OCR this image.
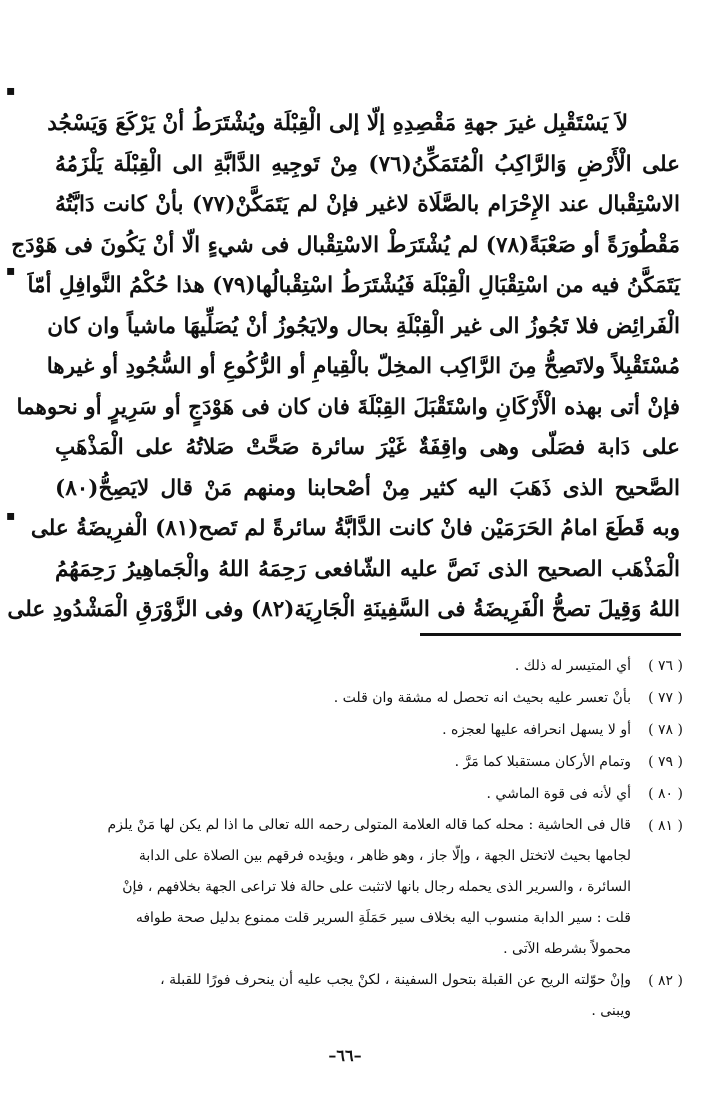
▪
▪
▪
لاَ يَسْتَقْبِل غيرَ جهةِ مَقْصِدِهِ إلّا إلى الْقِبْلَة ويُشْتَرَطُ أنْ يَرْكَعَ وَيَسْجُد
على الْأَرْضِ وَالرَّاكِبُ الْمُتَمَكِّنُ(٧٦) مِنْ تَوجِيهِ الدَّابَّةِ الى الْقِبْلَة يَلْزَمُهُ
الاسْتِقْبال عند الإِحْرَام بالصَّلَاة لاغير فإنْ لم يَتَمَكَّنْ(٧٧) بأنْ كانت دَابَّتُهُ
مَقْطُورَةً أو صَعْبَةً(٧٨) لم يُشْتَرَطْ الاسْتِقْبال فى شيءٍ الّا أنْ يَكُونَ فى هَوْدَج
يَتَمَكَّنُ فيه من اسْتِقْبَالِ الْقِبْلَة فَيُشْتَرَطُ اسْتِقْبالُها(٧٩) هذا حُكْمُ النَّوافِلِ أمّاَ
الْفَرائِض فلا تَجُوزُ الى غير الْقِبْلَةِ بحال ولايَجُوزُ أنْ يُصَلِّيهَا ماشياً وان كان
مُسْتَقْبِلاً ولاتَصِحُّ مِنَ الرَّاكِب المخِلّ بالْقِيامِ أو الرُّكُوعِ أو السُّجُودِ أو غيرها
فإنْ أتى بهذه الْأَرْكَانِ واسْتَقْبَلَ القِبْلَةَ فان كان فى هَوْدَجٍ أو سَرِيرٍ أو نحوهما
على دَابة فصَلّى وهى واقِفَةٌ غَيْرَ سائرة صَحَّتْ صَلاتُهُ على الْمَذْهَبِ
الصَّحيح الذى ذَهَبَ اليه كثير مِنْ أصْحابنا ومنهم مَنْ قال لايَصِحُّ(٨٠)
وبه قَطَعَ امامُ الحَرَمَيْن فانْ كانت الدَّابَّةُ سائرةً لم تَصح(٨١) الْفرِيضَةُ على
الْمَذْهَب الصحيح الذى نَصَّ عليه الشّافعى رَحِمَهُ اللهُ والْجَماهِيرُ رَحِمَهُمُ
اللهُ وَقِيلَ تصحُّ الْفَرِيضَةُ فى السَّفِينَةِ الْجَارِيَة(٨٢) وفى الزَّوْرَقِ الْمَشْدُودِ على
( ٧٦ )
أي المتيسر له ذلك .
( ٧٧ )
بأنْ تعسر عليه بحيث انه تحصل له مشقة وان قلت .
( ٧٨ )
أو لا يسهل انحرافه عليها لعجزه .
( ٧٩ )
وتمام الأركان مستقبلا كما مَرَّ .
( ٨٠ )
أي لأنه فى قوة الماشي .
( ٨١ )
قال فى الحاشية : محله كما قاله العلامة المتولى رحمه الله تعالى ما اذا لم يكن لها مَنْ يلزم
لجامها بحيث لاتختل الجهة ، وإلّا جاز ، وهو ظاهر ، ويؤيده فرقهم بين الصلاة على الدابة
السائرة ، والسرير الذى يحمله رجال بانها لاتثبت على حالة فلا تراعى الجهة بخلافهم ، فإنْ
قلت : سير الدابة منسوب اليه بخلاف سير حَمَلَةِ السرير قلت ممنوع بدليل صحة طوافه
محمولاً بشرطه الآتى .
( ٨٢ )
وإنْ حوّلته الريح عن القبلة بتحول السفينة ، لكنْ يجب عليه أن ينحرف فورًا للقبلة ،
ويبنى .
–٦٦–
